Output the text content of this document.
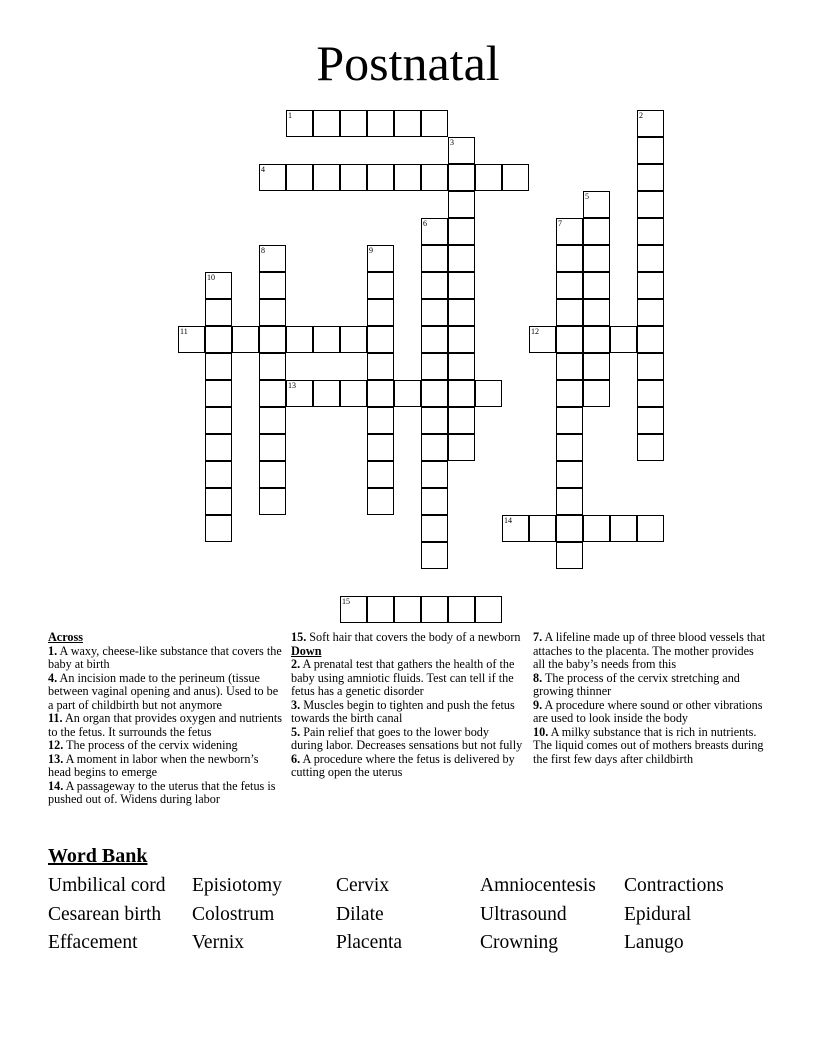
Postnatal
1
4
3
2
5
6	7
8	9
10
11	12
13
14
15

Across

1. A waxy, cheese-like substance that covers the baby at birth

4. An incision made to the perineum (tissue between vaginal opening and anus). Used to be a part of childbirth but not anymore

11. An organ that provides oxygen and nutrients to the fetus. It surrounds the fetus

12. The process of the cervix widening

13. A moment in labor when the newborn’s head begins to emerge

14. A passageway to the uterus that the fetus is pushed out of. Widens during labor

15. Soft hair that covers the body of a newborn

Down

2. A prenatal test that gathers the health of the baby using amniotic fluids. Test can tell if the fetus has a genetic disorder

3. Muscles begin to tighten and push the fetus towards the birth canal

5. Pain relief that goes to the lower body during labor. Decreases sensations but not fully

6. A procedure where the fetus is delivered by cutting open the uterus

7. A lifeline made up of three blood vessels that attaches to the placenta. The mother provides all the baby’s needs from this

8. The process of the cervix stretching and growing thinner

9. A procedure where sound or other vibrations are used to look inside the body

10. A milky substance that is rich in nutrients. The liquid comes out of mothers breasts during the first few days after childbirth

Word Bank
Umbilical cord Episiotomy	Cervix	Amniocentesis Contractions
Cesarean birth Colostrum	Dilate	Ultrasound	Epidural
Effacement	Vernix	Placenta	Crowning	Lanugo
